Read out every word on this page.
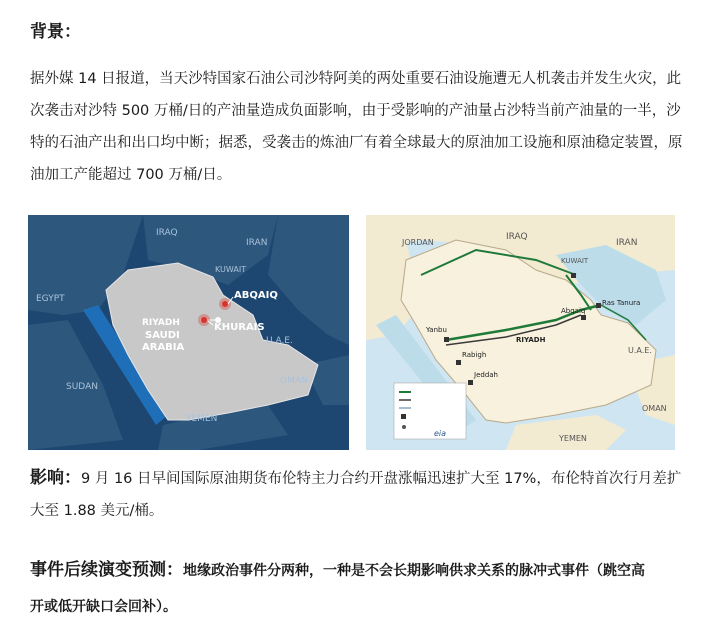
背景：
据外媒 14 日报道，当天沙特国家石油公司沙特阿美的两处重要石油设施遭无人机袭击并发生火灾，此
次袭击对沙特 500 万桶/日的产油量造成负面影响，由于受影响的产油量占沙特当前产油量的一半，沙
特的石油产出和出口均中断；据悉，受袭击的炼油厂有着全球最大的原油加工设施和原油稳定装置，原
油加工产能超过 700 万桶/日。
IRAQ
IRAN
KUWAIT
EGYPT	ABQAIQ
KHURAIS
RIYADH
SAUDI
ARABIA
U.A.E.
OMAN
SUDAN
YEMEN
JORDAN
IRAQ
IRAN
KUWAIT
Ras Tanura
Abqaiq
RIYADH
Yanbu
Rabigh
Jeddah
U.A.E.
OMAN
YEMEN
eia
影响：9 月 16 日早间国际原油期货布伦特主力合约开盘涨幅迅速扩大至 17%，布伦特首次行月差扩
大至 1.88 美元/桶。
事件后续演变预测：地缘政治事件分两种，一种是不会长期影响供求关系的脉冲式事件（跳空高
开或低开缺口会回补）。
